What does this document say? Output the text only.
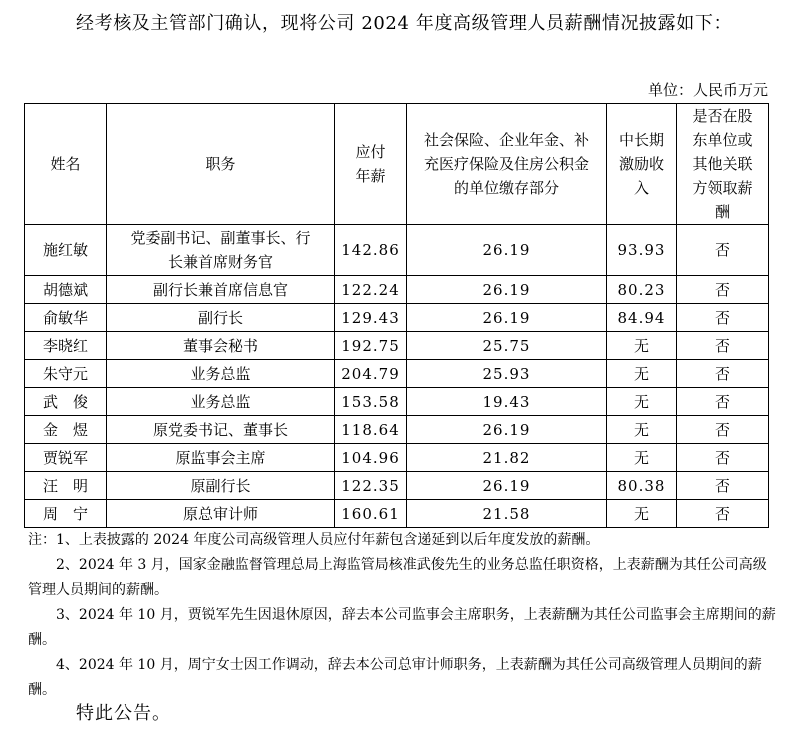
经考核及主管部门确认，现将公司 2024 年度高级管理人员薪酬情况披露如下：

单位：人民币万元
姓名	职务	应付年薪	社会保险、企业年金、补充医疗保险及住房公积金的单位缴存部分	中长期激励收入	是否在股东单位或其他关联方领取薪酬

施红敏	党委副书记、副董事长、行长兼首席财务官	142.86	26.19	93.93	否
胡德斌	副行长兼首席信息官	122.24	26.19	80.23	否
俞敏华	副行长	129.43	26.19	84.94	否
李晓红	董事会秘书	192.75	25.75	无	否
朱守元	业务总监	204.79	25.93	无	否
武　俊	业务总监	153.58	19.43	无	否
金　煜	原党委书记、董事长	118.64	26.19	无	否
贾锐军	原监事会主席	104.96	21.82	无	否
汪　明	原副行长	122.35	26.19	80.38	否
周　宁	原总审计师	160.61	21.58	无	否

注：1、上表披露的 2024 年度公司高级管理人员应付年薪包含递延到以后年度发放的薪酬。

2、2024 年 3 月，国家金融监督管理总局上海监管局核准武俊先生的业务总监任职资格，上表薪酬为其任公司高级管理人员期间的薪酬。

3、2024 年 10 月，贾锐军先生因退休原因，辞去本公司监事会主席职务，上表薪酬为其任公司监事会主席期间的薪酬。

4、2024 年 10 月，周宁女士因工作调动，辞去本公司总审计师职务，上表薪酬为其任公司高级管理人员期间的薪酬。

特此公告。
